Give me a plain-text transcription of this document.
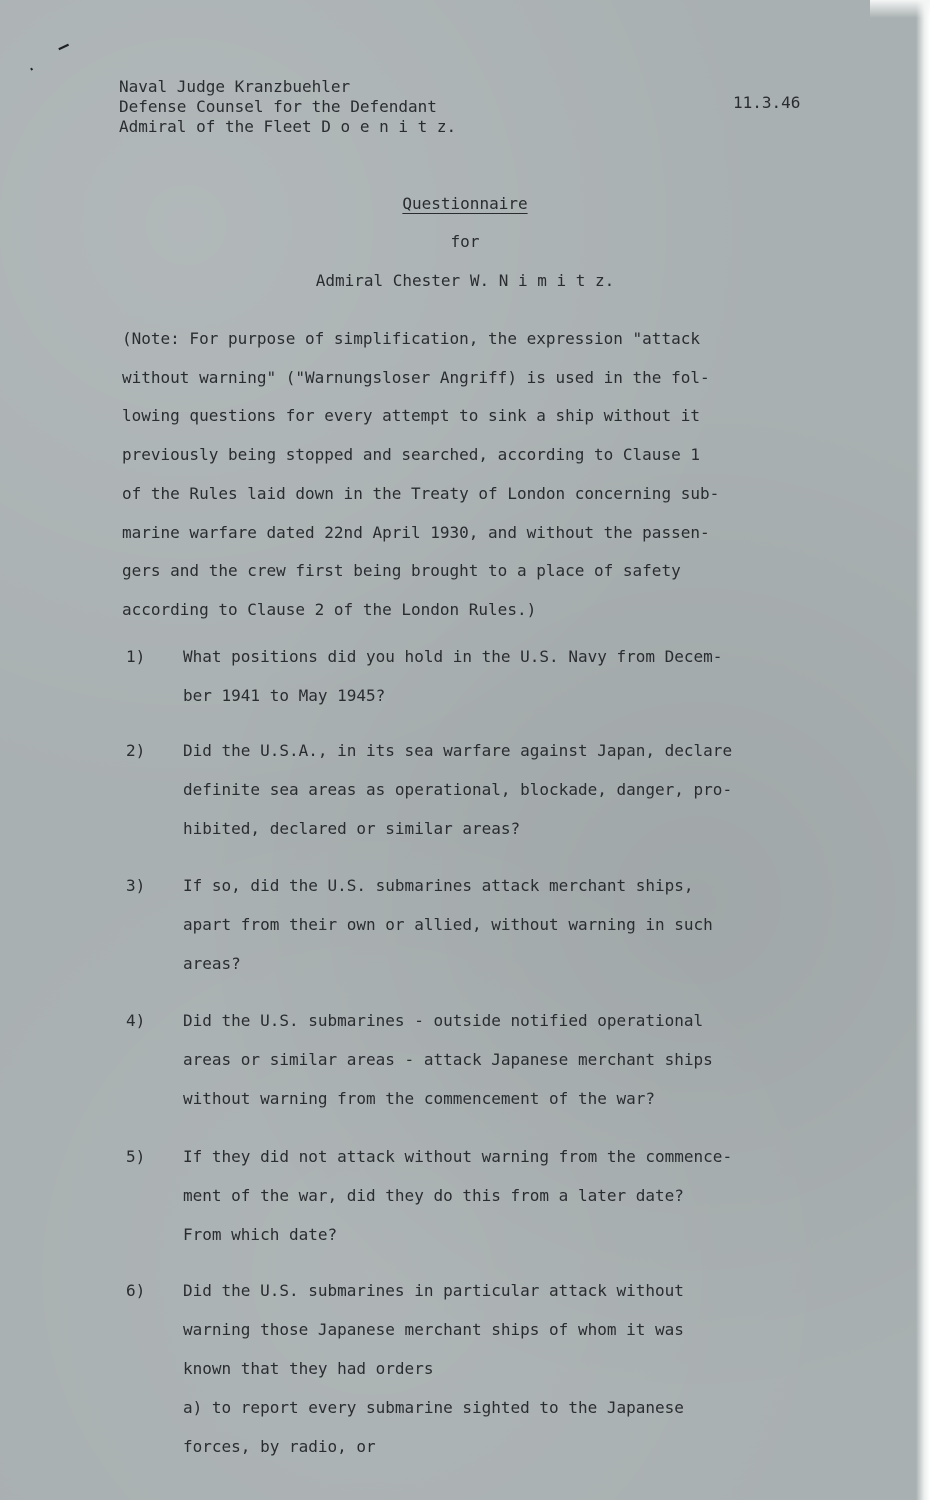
―
‧
Naval Judge Kranzbuehler
Defense Counsel for the Defendant
Admiral of the Fleet D o e n i t z.
11.3.46
Questionnaire
for
Admiral Chester W. N i m i t z.
(Note: For purpose of simplification, the expression "attack
without warning" ("Warnungsloser Angriff) is used in the fol-
lowing questions for every attempt to sink a ship without it
previously being stopped and searched, according to Clause 1
of the Rules laid down in the Treaty of London concerning sub-
marine warfare dated 22nd April 1930, and without the passen-
gers and the crew first being brought to a place of safety
according to Clause 2 of the London Rules.)
1) What positions did you hold in the U.S. Navy from Decem-
ber 1941 to May 1945?
2) Did the U.S.A., in its sea warfare against Japan, declare
definite sea areas as operational, blockade, danger, pro-
hibited, declared or similar areas?
3) If so, did the U.S. submarines attack merchant ships,
apart from their own or allied, without warning in such
areas?
4) Did the U.S. submarines - outside notified operational
areas or similar areas - attack Japanese merchant ships
without warning from the commencement of the war?
5) If they did not attack without warning from the commence-
ment of the war, did they do this from a later date?
From which date?
6) Did the U.S. submarines in particular attack without
warning those Japanese merchant ships of whom it was
known that they had orders
a) to report every submarine sighted to the Japanese
forces, by radio, or
